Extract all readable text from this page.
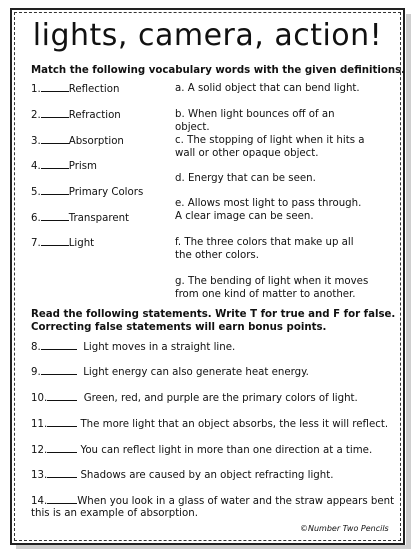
lights, camera, action!
Match the following vocabulary words with the given definitions.
1.	Reflection
2.	Refraction
3.	Absorption
4.	Prism
5.	Primary Colors
6.	Transparent
7.	Light
a. A solid object that can bend light.
b. When light bounces off of an object.
c. The stopping of light when it hits a wall or other opaque object.
d. Energy that can be seen.
e. Allows most light to pass through. A clear image can be seen.
f. The three colors that make up all the other colors.
g. The bending of light when it moves from one kind of matter to another.
Read the following statements. Write T for true and F for false.
Correcting false statements will earn bonus points.
8.	Light moves in a straight line.
9.	Light energy can also generate heat energy.
10.	Green, red, and purple are the primary colors of light.
11.	The more light that an object absorbs, the less it will reflect.
12.	You can reflect light in more than one direction at a time.
13.	Shadows are caused by an object refracting light.
14.	When you look in a glass of water and the straw appears bent
this is an example of absorption.
©Number Two Pencils
